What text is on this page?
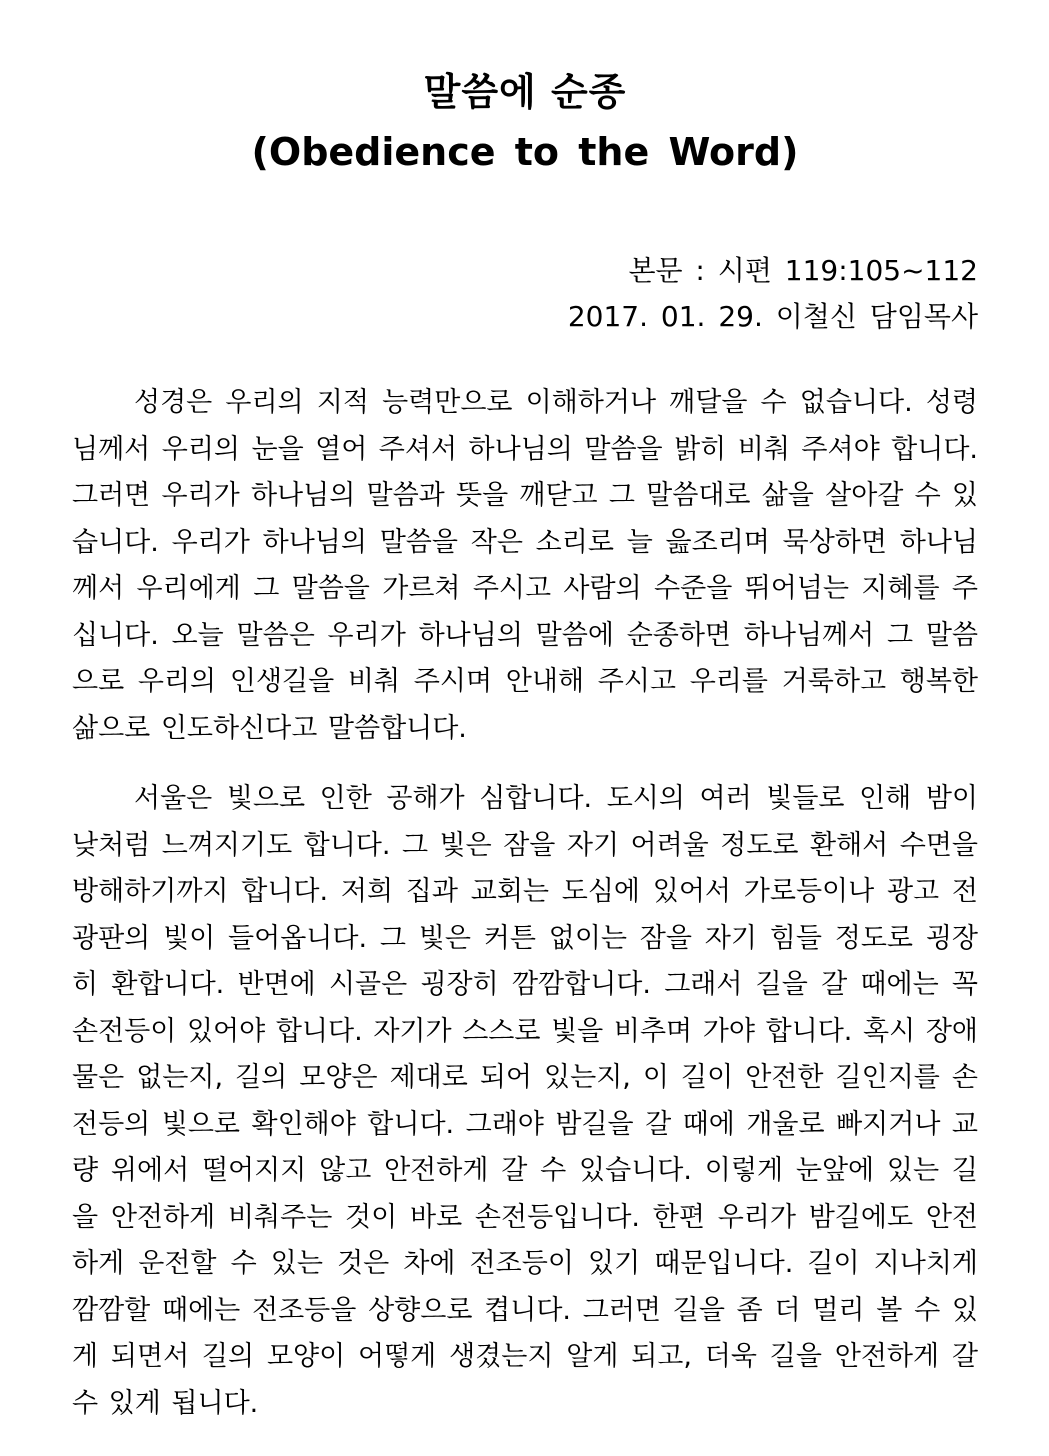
말씀에 순종
(Obedience to the Word)
본문 : 시편 119:105~112
2017. 01. 29. 이철신 담임목사

성경은 우리의 지적 능력만으로 이해하거나 깨달을 수 없습니다. 성령님께서 우리의 눈을 열어 주셔서 하나님의 말씀을 밝히 비춰 주셔야 합니다. 그러면 우리가 하나님의 말씀과 뜻을 깨닫고 그 말씀대로 삶을 살아갈 수 있습니다. 우리가 하나님의 말씀을 작은 소리로 늘 읊조리며 묵상하면 하나님께서 우리에게 그 말씀을 가르쳐 주시고 사람의 수준을 뛰어넘는 지혜를 주십니다. 오늘 말씀은 우리가 하나님의 말씀에 순종하면 하나님께서 그 말씀으로 우리의 인생길을 비춰 주시며 안내해 주시고 우리를 거룩하고 행복한 삶으로 인도하신다고 말씀합니다.

서울은 빛으로 인한 공해가 심합니다. 도시의 여러 빛들로 인해 밤이 낮처럼 느껴지기도 합니다. 그 빛은 잠을 자기 어려울 정도로 환해서 수면을 방해하기까지 합니다. 저희 집과 교회는 도심에 있어서 가로등이나 광고 전광판의 빛이 들어옵니다. 그 빛은 커튼 없이는 잠을 자기 힘들 정도로 굉장히 환합니다. 반면에 시골은 굉장히 깜깜합니다. 그래서 길을 갈 때에는 꼭 손전등이 있어야 합니다. 자기가 스스로 빛을 비추며 가야 합니다. 혹시 장애물은 없는지, 길의 모양은 제대로 되어 있는지, 이 길이 안전한 길인지를 손전등의 빛으로 확인해야 합니다. 그래야 밤길을 갈 때에 개울로 빠지거나 교량 위에서 떨어지지 않고 안전하게 갈 수 있습니다. 이렇게 눈앞에 있는 길을 안전하게 비춰주는 것이 바로 손전등입니다. 한편 우리가 밤길에도 안전하게 운전할 수 있는 것은 차에 전조등이 있기 때문입니다. 길이 지나치게 깜깜할 때에는 전조등을 상향으로 켭니다. 그러면 길을 좀 더 멀리 볼 수 있게 되면서 길의 모양이 어떻게 생겼는지 알게 되고, 더욱 길을 안전하게 갈 수 있게 됩니다.
